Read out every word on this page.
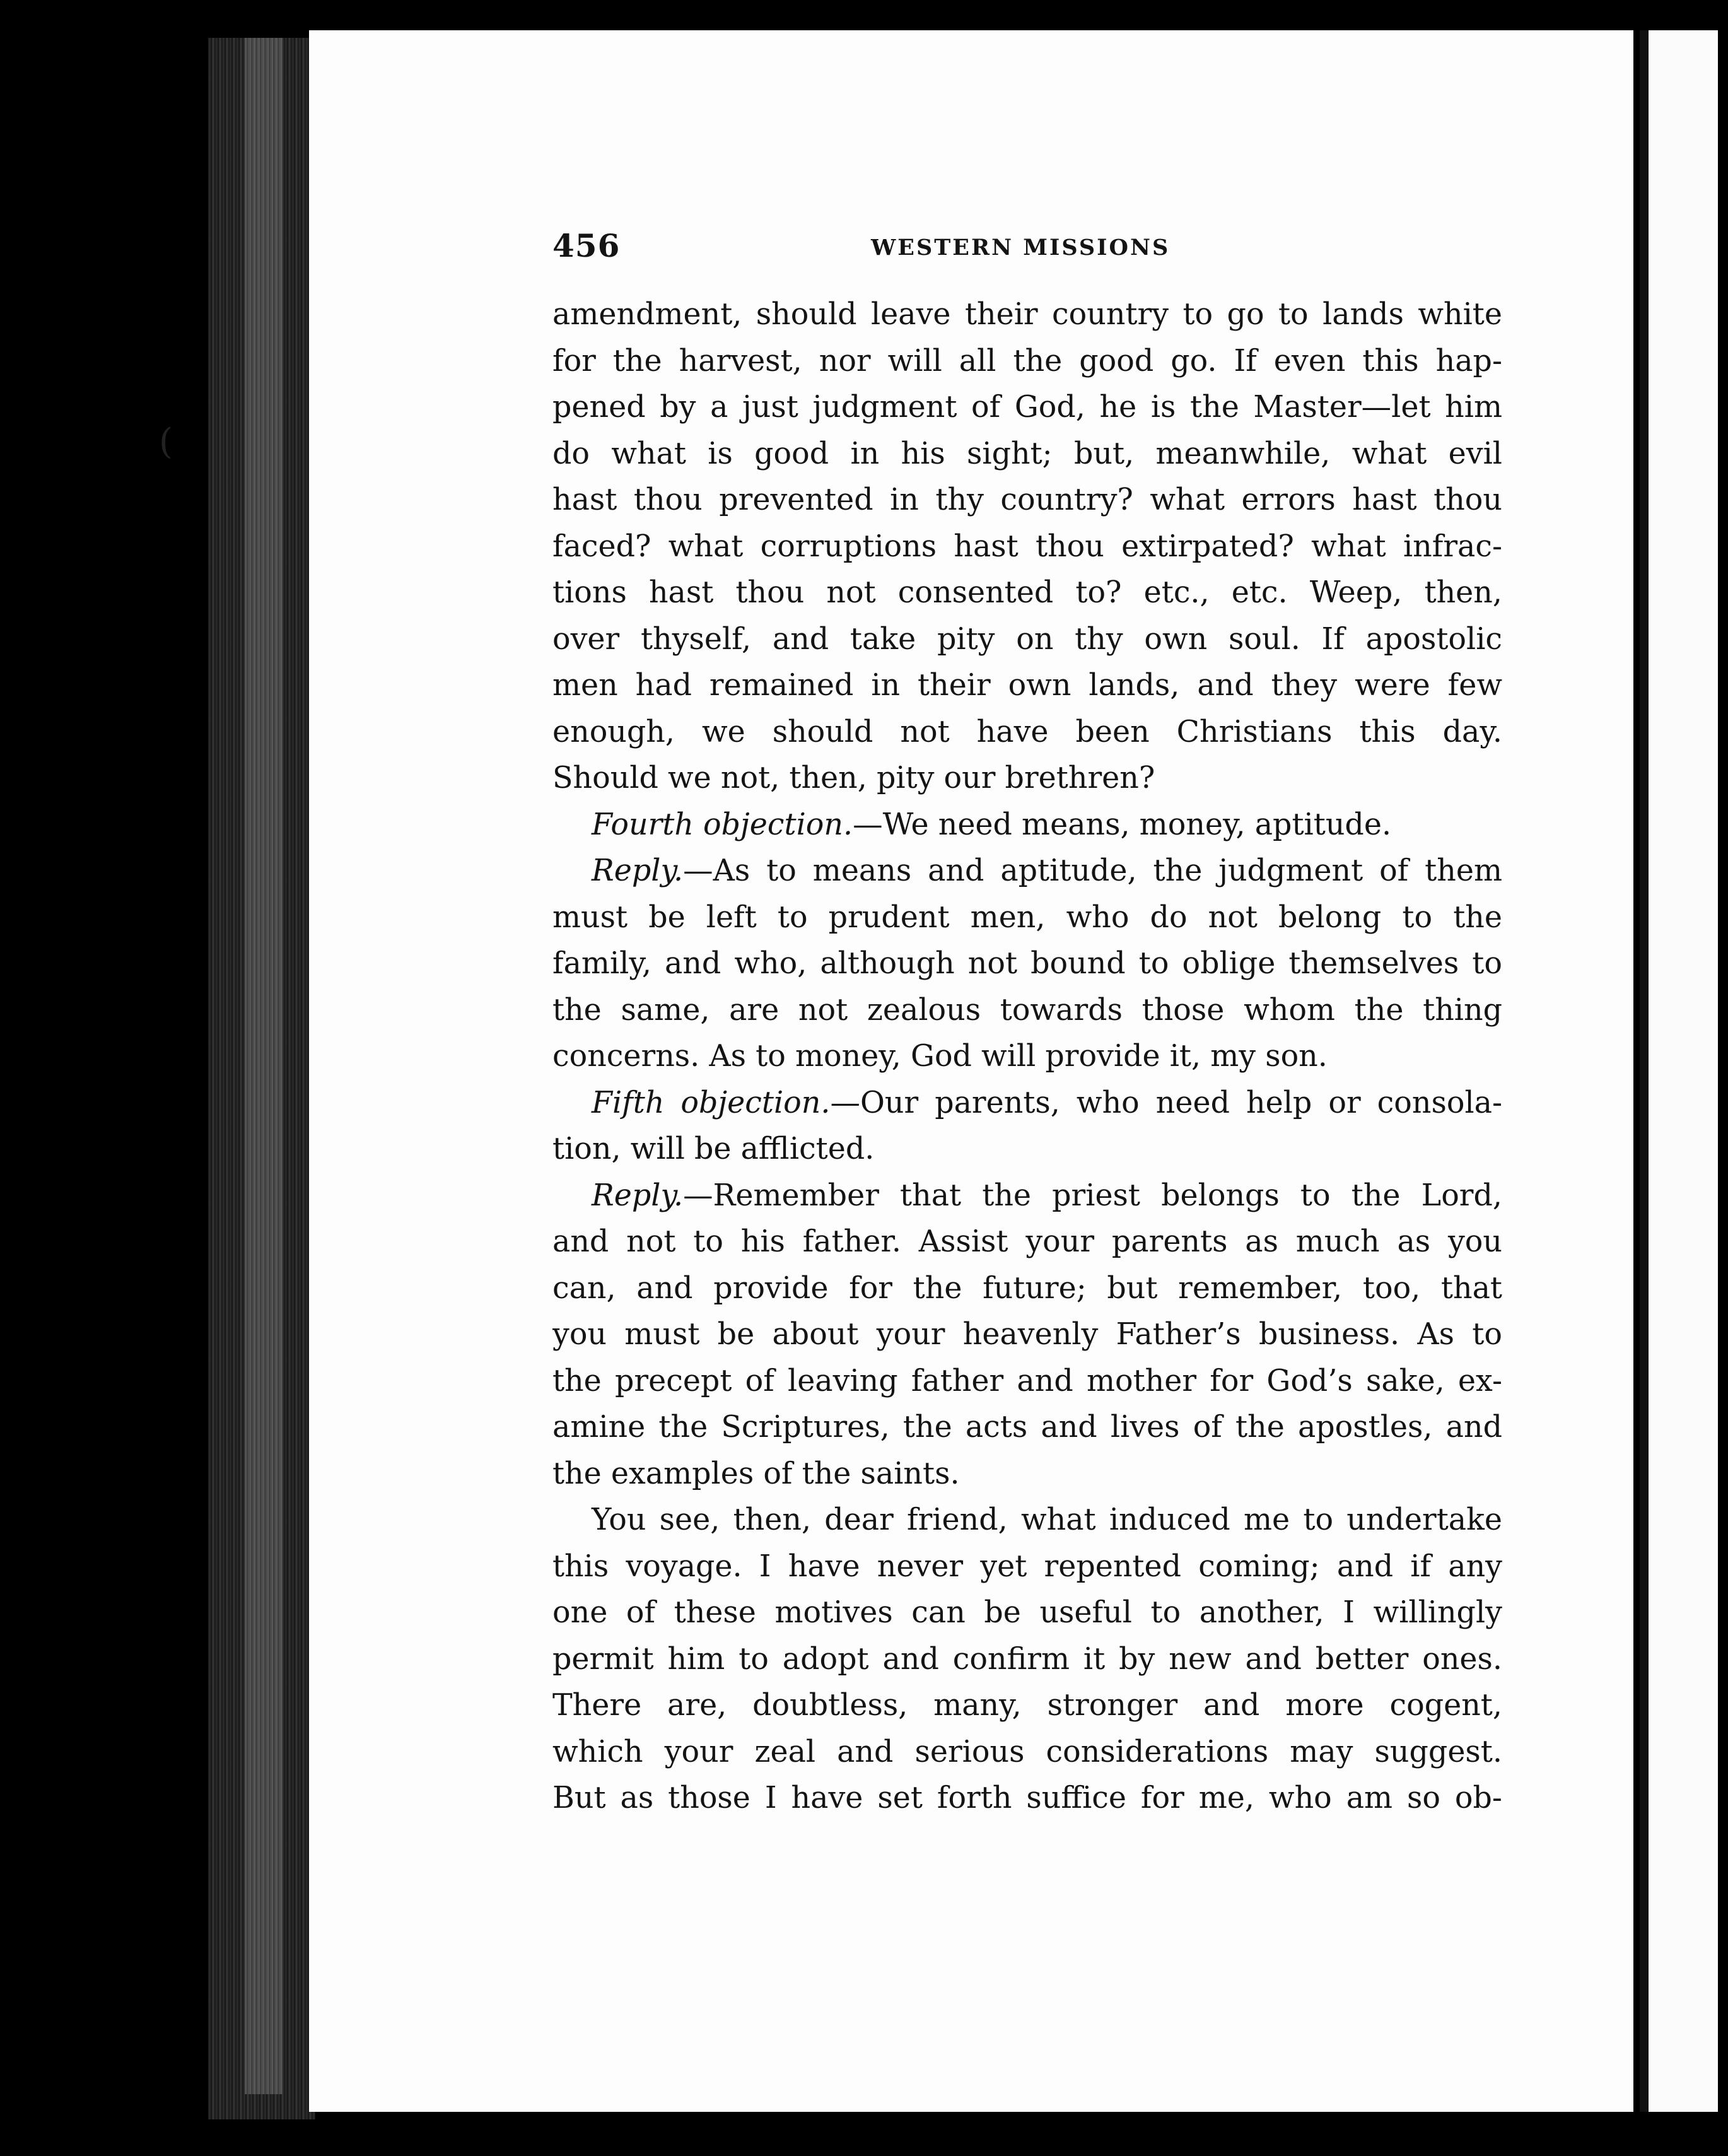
(
456	WESTERN MISSIONS
amendment, should leave their country to go to lands white
for the harvest, nor will all the good go. If even this hap-
pened by a just judgment of God, he is the Master—let him
do what is good in his sight; but, meanwhile, what evil
hast thou prevented in thy country? what errors hast thou
faced? what corruptions hast thou extirpated? what infrac-
tions hast thou not consented to? etc., etc. Weep, then,
over thyself, and take pity on thy own soul. If apostolic
men had remained in their own lands, and they were few
enough, we should not have been Christians this day.
Should we not, then, pity our brethren?
Fourth objection.—We need means, money, aptitude.
Reply.—As to means and aptitude, the judgment of them
must be left to prudent men, who do not belong to the
family, and who, although not bound to oblige themselves to
the same, are not zealous towards those whom the thing
concerns. As to money, God will provide it, my son.
Fifth objection.—Our parents, who need help or consola-
tion, will be afflicted.
Reply.—Remember that the priest belongs to the Lord,
and not to his father. Assist your parents as much as you
can, and provide for the future; but remember, too, that
you must be about your heavenly Father’s business. As to
the precept of leaving father and mother for God’s sake, ex-
amine the Scriptures, the acts and lives of the apostles, and
the examples of the saints.
You see, then, dear friend, what induced me to undertake
this voyage. I have never yet repented coming; and if any
one of these motives can be useful to another, I willingly
permit him to adopt and confirm it by new and better ones.
There are, doubtless, many, stronger and more cogent,
which your zeal and serious considerations may suggest.
But as those I have set forth suffice for me, who am so ob-
